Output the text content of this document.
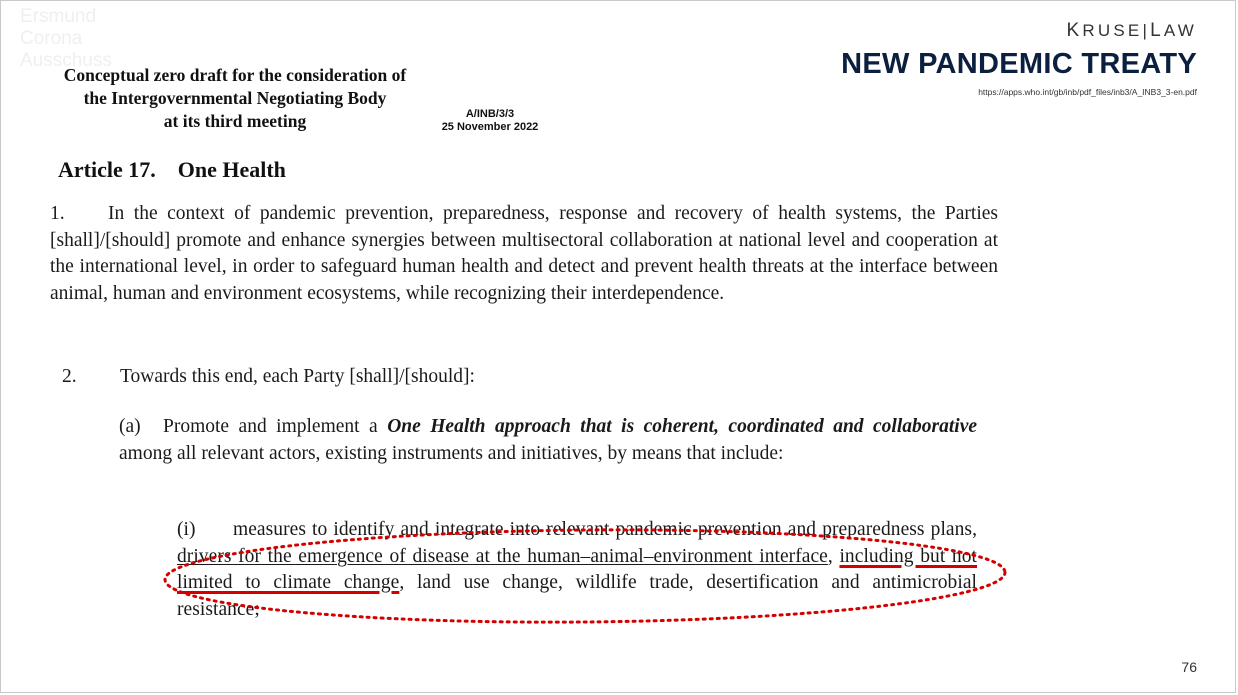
Ersmund
Corona
Ausschuss
KRUSE|LAW
NEW PANDEMIC TREATY
https://apps.who.int/gb/inb/pdf_files/inb3/A_INB3_3-en.pdf
Conceptual zero draft for the consideration of
the Intergovernmental Negotiating Body
at its third meeting	A/INB/3/3
25 November 2022
Article 17. One Health
1. In the context of pandemic prevention, preparedness, response and recovery of health systems, the Parties [shall]/[should] promote and enhance synergies between multisectoral collaboration at national level and cooperation at the international level, in order to safeguard human health and detect and prevent health threats at the interface between animal, human and environment ecosystems, while recognizing their interdependence.
2. Towards this end, each Party [shall]/[should]:
(a) Promote and implement a One Health approach that is coherent, coordinated and collaborative among all relevant actors, existing instruments and initiatives, by means that include:
(i) measures to identify and integrate into relevant pandemic prevention and preparedness plans, drivers for the emergence of disease at the human–animal–environment interface, including but not limited to climate change, land use change, wildlife trade, desertification and antimicrobial resistance;
76
